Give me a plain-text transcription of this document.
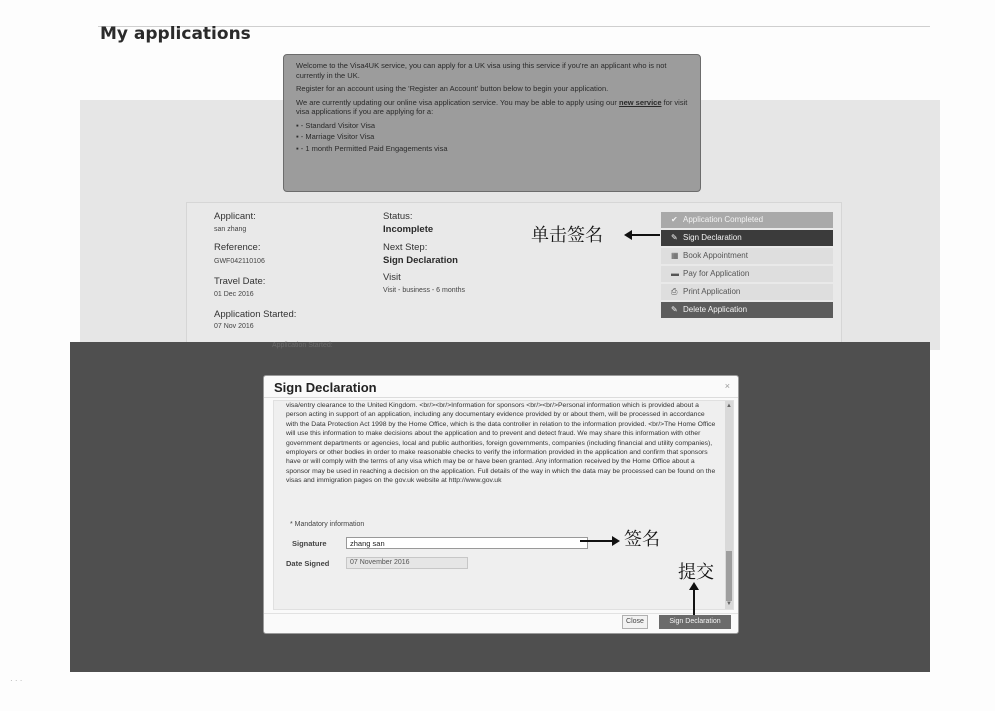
My applications

Welcome to the Visa4UK service, you can apply for a UK visa using this service if you're an applicant who is not currently in the UK.

Register for an account using the 'Register an Account' button below to begin your application.

We are currently updating our online visa application service. You may be able to apply using our new service for visit visa applications if you are applying for a:

▪ - Standard Visitor Visa
▪ - Marriage Visitor Visa
▪ - 1 month Permitted Paid Engagements visa
Applicant:
san zhang
Reference:
GWF042110106
Travel Date:
01 Dec 2016
Application Started:
07 Nov 2016
Status:
Incomplete
Next Step:
Sign Declaration
Visit
Visit - business - 6 months
✔ Application Completed
✎ Sign Declaration
▦ Book Appointment
▬ Pay for Application
⎙ Print Application
✎ Delete Application
单击签名
Application Started:
Sign Declaration	×
visa/entry clearance to the United Kingdom. <br/><br/>Information for sponsors <br/><br/>Personal information which is provided about a person acting in support of an application, including any documentary evidence provided by or about them, will be processed in accordance with the Data Protection Act 1998 by the Home Office, which is the data controller in relation to the information provided. <br/>The Home Office will use this information to make decisions about the application and to prevent and detect fraud. We may share this information with other government departments or agencies, local and public authorities, foreign governments, companies (including financial and utility companies), employers or other bodies in order to make reasonable checks to verify the information provided in the application and confirm that sponsors have or will comply with the terms of any visa which may be or have been granted. Any information received by the Home Office about a sponsor may be used in reaching a decision on the application. Full details of the way in which the data may be processed can be found on the visas and immigration pages on the gov.uk website at http://www.gov.uk
* Mandatory information
Signature
zhang san
Date Signed	07 November 2016
▲
▼
Close	Sign Declaration
签名
提交
· · ·
